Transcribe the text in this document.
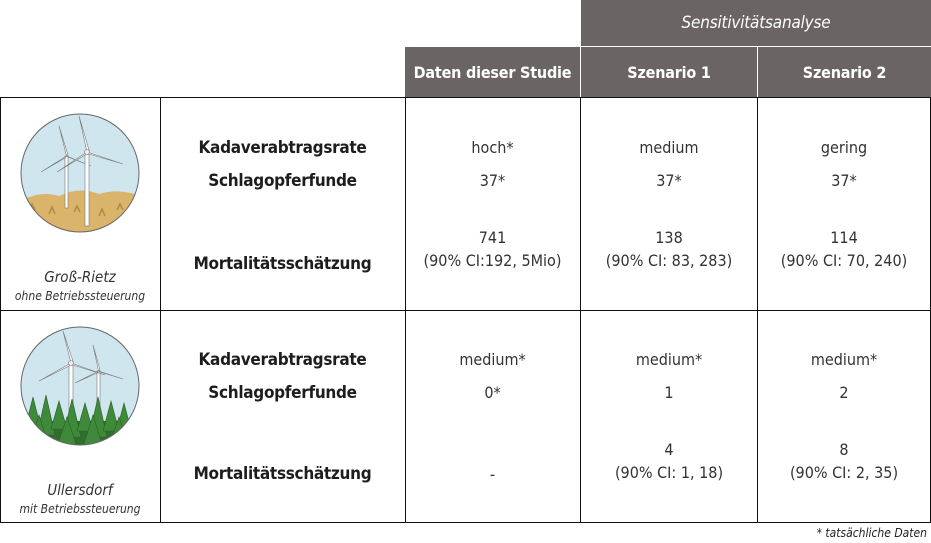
Sensitivitätsanalyse
Daten dieser Studie	Szenario 1	Szenario 2
Groß-Rietz
ohne Betriebssteuerung
Kadaverabtragsrate
Schlagopferfunde
Mortalitätsschätzung
hoch*
37*
741
(90% CI:192, 5Mio)
medium
37*
138
(90% CI: 83, 283)
gering
37*
114
(90% CI: 70, 240)
Ullersdorf
mit Betriebssteuerung
Kadaverabtragsrate
Schlagopferfunde
Mortalitätsschätzung
medium*
0*
-
medium*
1
4
(90% CI: 1, 18)
medium*
2
8
(90% CI: 2, 35)
* tatsächliche Daten
